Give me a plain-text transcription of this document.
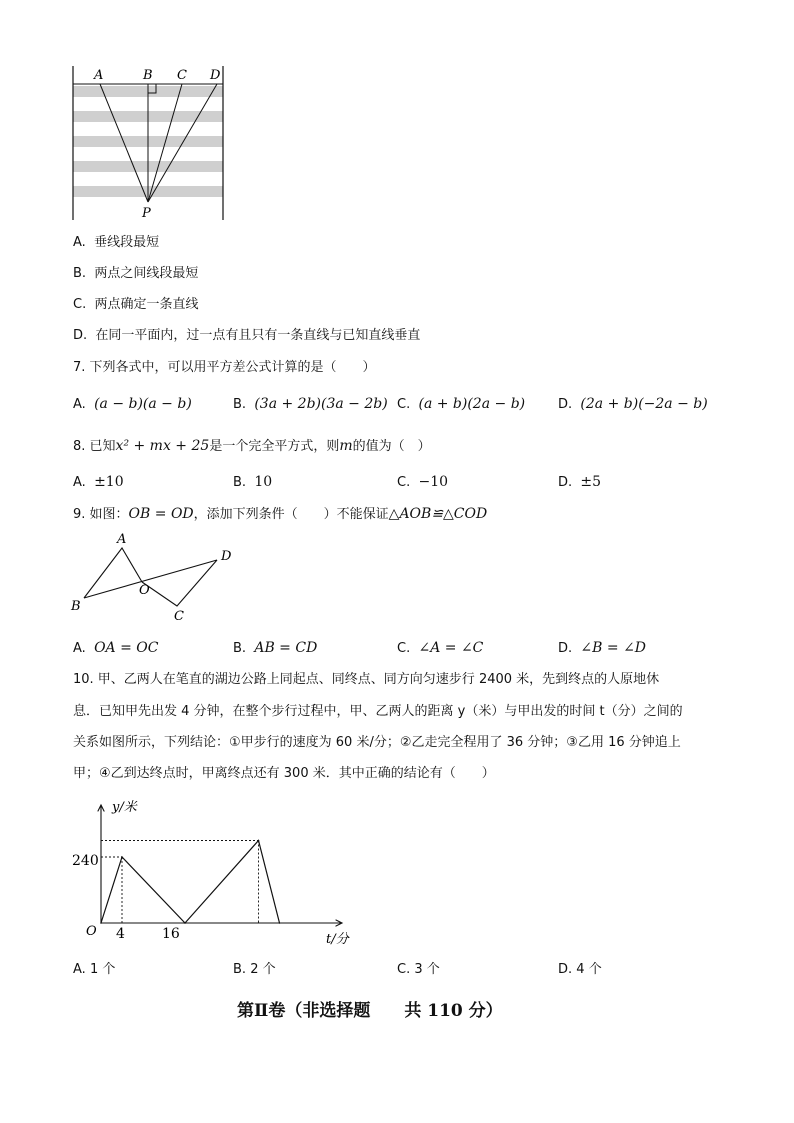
A	B C D
P
A. 垂线段最短
B. 两点之间线段最短
C. 两点确定一条直线
D. 在同一平面内，过一点有且只有一条直线与已知直线垂直
7. 下列各式中，可以用平方差公式计算的是（　　）
A. (a − b)(a − b)	B. (3a + 2b)(3a − 2b) C. (a + b)(2a − b)	D. (2a + b)(−2a − b)
8. 已知x² + mx + 25是一个完全平方式，则m的值为（　）
A. ±10	B. 10	C. −10	D. ±5
9. 如图：OB = OD，添加下列条件（　　）不能保证△AOB≌△COD
A
B
O
C
D
A. OA = OC	B. AB = CD	C. ∠A = ∠C	D. ∠B = ∠D
10. 甲、乙两人在笔直的湖边公路上同起点、同终点、同方向匀速步行 2400 米，先到终点的人原地休
息．已知甲先出发 4 分钟，在整个步行过程中，甲、乙两人的距离 y（米）与甲出发的时间 t（分）之间的
关系如图所示，下列结论：①甲步行的速度为 60 米/分；②乙走完全程用了 36 分钟；③乙用 16 分钟追上
甲；④乙到达终点时，甲离终点还有 300 米．其中正确的结论有（　　）
y/米
t/分
O
240
4	16
A. 1 个	B. 2 个	C. 3 个	D. 4 个
第Ⅱ卷（非选择题　　共 110 分）
